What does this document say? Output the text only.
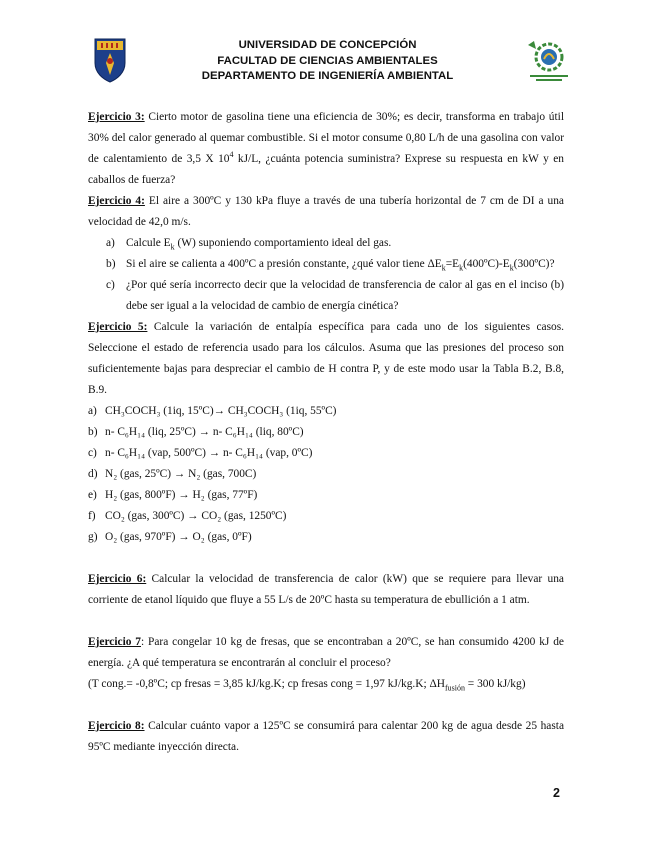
UNIVERSIDAD DE CONCEPCIÓN
FACULTAD DE CIENCIAS AMBIENTALES
DEPARTAMENTO DE INGENIERÍA AMBIENTAL

Ejercicio 3: Cierto motor de gasolina tiene una eficiencia de 30%; es decir, transforma en trabajo útil 30% del calor generado al quemar combustible. Si el motor consume 0,80 L/h de una gasolina con valor de calentamiento de 3,5 X $10^4$ kJ/L, ¿cuánta potencia suministra? Exprese su respuesta en kW y en caballos de fuerza?

Ejercicio 4: El aire a 300ºC y 130 kPa fluye a través de una tubería horizontal de 7 cm de DI a una velocidad de 42,0 m/s.

a) Calcule $E_k$ (W) suponiendo comportamiento ideal del gas.
b) Si el aire se calienta a 400ºC a presión constante, ¿qué valor tiene $\Delta E_k=E_k(400ºC)-E_k(300ºC)$?
c) ¿Por qué sería incorrecto decir que la velocidad de transferencia de calor al gas en el inciso (b) debe ser igual a la velocidad de cambio de energía cinética?

Ejercicio 5: Calcule la variación de entalpía específica para cada uno de los siguientes casos. Seleccione el estado de referencia usado para los cálculos. Asuma que las presiones del proceso son suficientemente bajas para despreciar el cambio de H contra P, y de este modo usar la Tabla B.2, B.8, B.9.

a) CH₃COCH₃ (1iq, 15ºC)→ CH₃COCH₃ (1iq, 55ºC)
b) n- C₆H₁₄ (liq, 25ºC) → n- C₆H₁₄ (liq, 80ºC)
c) n- C₆H₁₄ (vap, 500ºC) → n- C₆H₁₄ (vap, 0ºC)
d) N₂ (gas, 25ºC) → N₂ (gas, 700C)
e) H₂ (gas, 800ºF) → H₂ (gas, 77ºF)
f) CO₂ (gas, 300ºC) → CO₂ (gas, 1250ºC)
g) O₂ (gas, 970ºF) → O₂ (gas, 0ºF)

Ejercicio 6: Calcular la velocidad de transferencia de calor (kW) que se requiere para llevar una corriente de etanol líquido que fluye a 55 L/s de 20ºC hasta su temperatura de ebullición a 1 atm.

Ejercicio 7: Para congelar 10 kg de fresas, que se encontraban a 20ºC, se han consumido 4200 kJ de energía. ¿A qué temperatura se encontrarán al concluir el proceso?

(T cong.= -0,8ºC; cp fresas = 3,85 kJ/kg.K; cp fresas cong = 1,97 kJ/kg.K; $\Delta H_{fusión} = 300$ kJ/kg)

Ejercicio 8: Calcular cuánto vapor a 125ºC se consumirá para calentar 200 kg de agua desde 25 hasta 95ºC mediante inyección directa.

2
